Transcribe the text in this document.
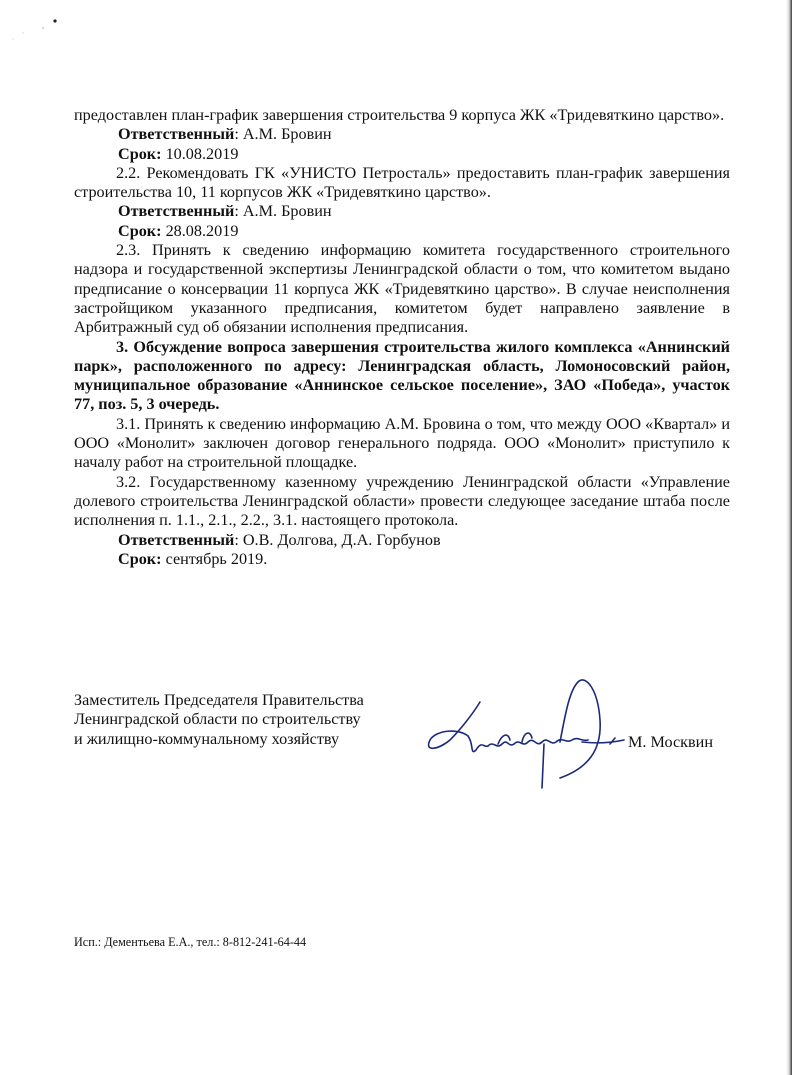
предоставлен план-график завершения строительства 9 корпуса ЖК «Тридевяткино царство».

Ответственный: А.М. Бровин

Срок: 10.08.2019

2.2. Рекомендовать ГК «УНИСТО Петросталь» предоставить план-график завершения строительства 10, 11 корпусов ЖК «Тридевяткино царство».

Ответственный: А.М. Бровин

Срок: 28.08.2019

2.3. Принять к сведению информацию комитета государственного строительного надзора и государственной экспертизы Ленинградской области о том, что комитетом выдано предписание о консервации 11 корпуса ЖК «Тридевяткино царство». В случае неисполнения застройщиком указанного предписания, комитетом будет направлено заявление в Арбитражный суд об обязании исполнения предписания.

3. Обсуждение вопроса завершения строительства жилого комплекса «Аннинский парк», расположенного по адресу: Ленинградская область, Ломоносовский район, муниципальное образование «Аннинское сельское поселение», ЗАО «Победа», участок 77, поз. 5, 3 очередь.

3.1. Принять к сведению информацию А.М. Бровина о том, что между ООО «Квартал» и ООО «Монолит» заключен договор генерального подряда. ООО «Монолит» приступило к началу работ на строительной площадке.

3.2. Государственному казенному учреждению Ленинградской области «Управление долевого строительства Ленинградской области» провести следующее заседание штаба после исполнения п. 1.1., 2.1., 2.2., 3.1. настоящего протокола.

Ответственный: О.В. Долгова, Д.А. Горбунов

Срок: сентябрь 2019.

Заместитель Председателя Правительства
Ленинградской области по строительству
и жилищно-коммунальному хозяйству	М. Москвин
Исп.: Дементьева Е.А., тел.: 8-812-241-64-44
